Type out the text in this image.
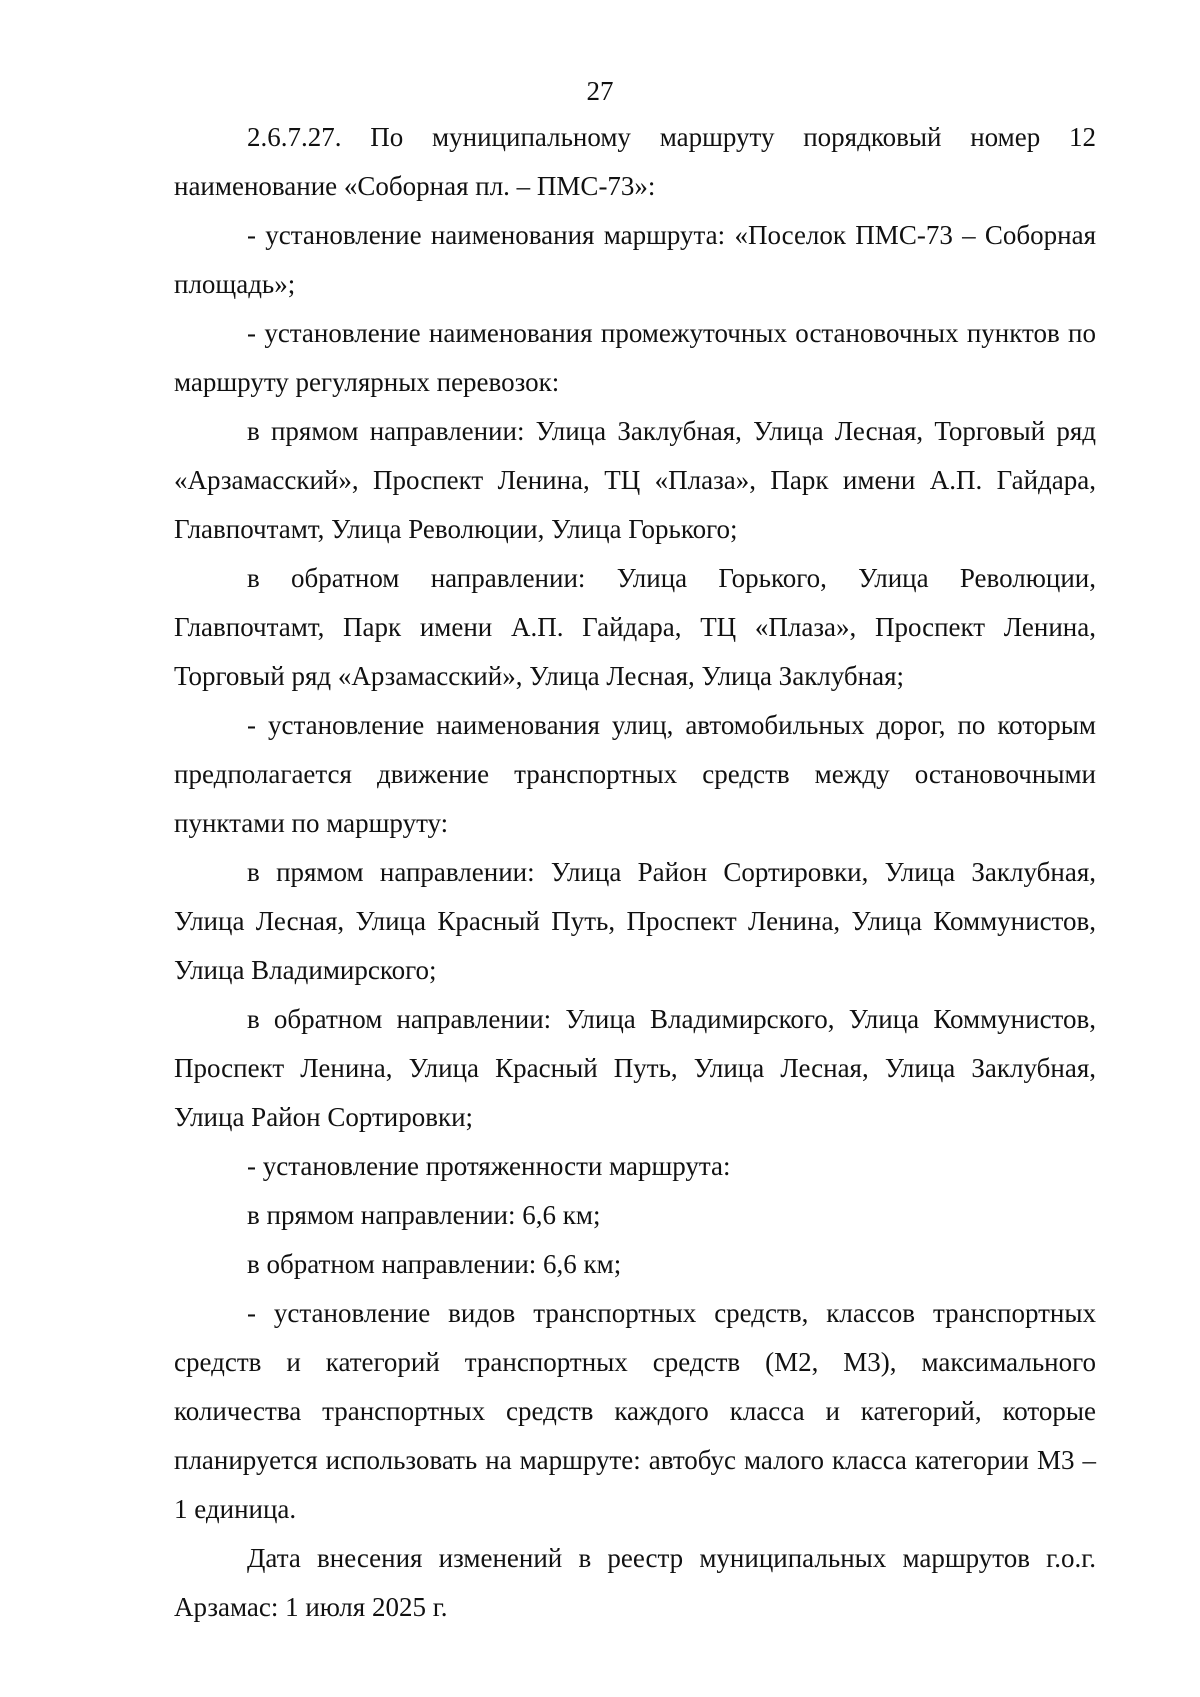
27

2.6.7.27. По муниципальному маршруту порядковый номер 12 наименование «Соборная пл. – ПМС-73»:

- установление наименования маршрута: «Поселок ПМС-73 – Соборная площадь»;

- установление наименования промежуточных остановочных пунктов по маршруту регулярных перевозок:

в прямом направлении: Улица Заклубная, Улица Лесная, Торговый ряд «Арзамасский», Проспект Ленина, ТЦ «Плаза», Парк имени А.П. Гайдара, Главпочтамт, Улица Революции, Улица Горького;

в обратном направлении: Улица Горького, Улица Революции, Главпочтамт, Парк имени А.П. Гайдара, ТЦ «Плаза», Проспект Ленина, Торговый ряд «Арзамасский», Улица Лесная, Улица Заклубная;

- установление наименования улиц, автомобильных дорог, по которым предполагается движение транспортных средств между остановочными пунктами по маршруту:

в прямом направлении: Улица Район Сортировки, Улица Заклубная, Улица Лесная, Улица Красный Путь, Проспект Ленина, Улица Коммунистов, Улица Владимирского;

в обратном направлении: Улица Владимирского, Улица Коммунистов, Проспект Ленина, Улица Красный Путь, Улица Лесная, Улица Заклубная, Улица Район Сортировки;

- установление протяженности маршрута:

в прямом направлении: 6,6 км;

в обратном направлении: 6,6 км;

- установление видов транспортных средств, классов транспортных средств и категорий транспортных средств (М2, М3), максимального количества транспортных средств каждого класса и категорий, которые планируется использовать на маршруте: автобус малого класса категории М3 – 1 единица.

Дата внесения изменений в реестр муниципальных маршрутов г.о.г. Арзамас: 1 июля 2025 г.
